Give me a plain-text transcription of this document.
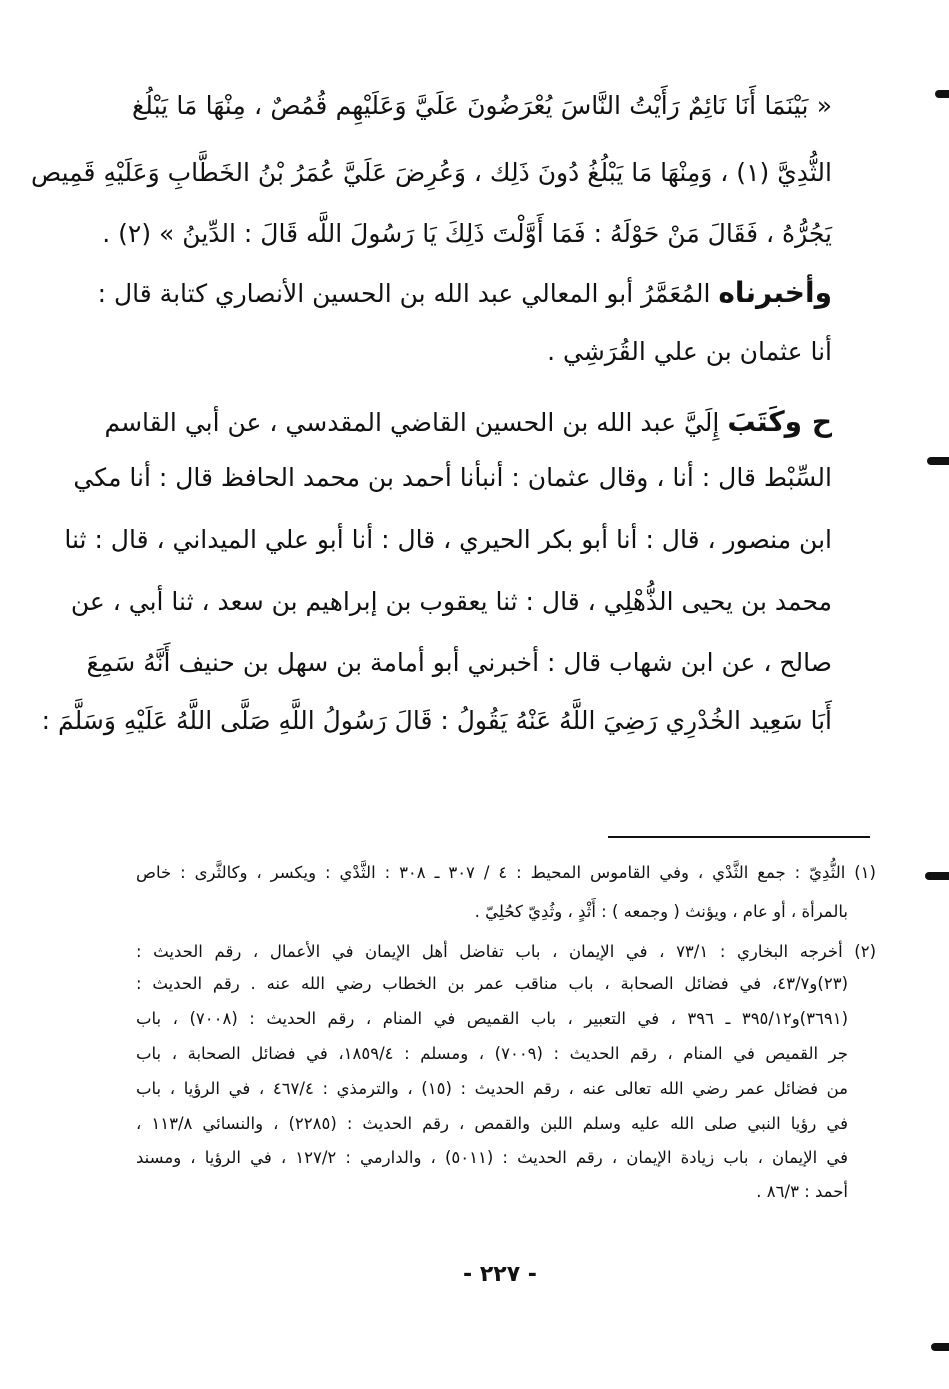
« بَيْنَمَا أَنَا نَائِمٌ رَأَيْتُ النَّاسَ يُعْرَضُونَ عَلَيَّ وَعَلَيْهِم قُمُصٌ ، مِنْهَا مَا يَبْلُغ
الثُّدِيَّ (١) ، وَمِنْهَا مَا يَبْلُغُ دُونَ ذَلِك ، وَعُرِضَ عَلَيَّ عُمَرُ بْنُ الخَطَّابِ وَعَلَيْهِ قَمِيص
يَجُرُّهُ ، فَقَالَ مَنْ حَوْلَهُ : فَمَا أَوَّلْتَ ذَلِكَ يَا رَسُولَ اللَّه قَالَ : الدِّينُ » (٢) .
وأخبرناه المُعَمَّرُ أبو المعالي عبد الله بن الحسين الأنصاري كتابة قال :
أنا عثمان بن علي القُرَشِي .
ح وكَتَبَ إِلَيَّ عبد الله بن الحسين القاضي المقدسي ، عن أبي القاسم
السِّبْط قال : أنا ، وقال عثمان : أنبأنا أحمد بن محمد الحافظ قال : أنا مكي
ابن منصور ، قال : أنا أبو بكر الحيري ، قال : أنا أبو علي الميداني ، قال : ثنا
محمد بن يحيى الذُّهْلِي ، قال : ثنا يعقوب بن إبراهيم بن سعد ، ثنا أبي ، عن
صالح ، عن ابن شهاب قال : أخبرني أبو أمامة بن سهل بن حنيف أَنَّهُ سَمِعَ
أَبَا سَعِيد الخُدْرِي رَضِيَ اللَّهُ عَنْهُ يَقُولُ : قَالَ رَسُولُ اللَّهِ صَلَّى اللَّهُ عَلَيْهِ وَسَلَّمَ :
(١) الثُّدِيّ : جمع الثَّدْي ، وفي القاموس المحيط : ٤ / ٣٠٧ ـ ٣٠٨ : الثَّدْي : ويكسر ، وكالثَّرى : خاص
بالمرأة ، أو عام ، ويؤنث ( وجمعه ) : أَثْدٍ ، وثُدِيّ كحُلِيّ .
(٢) أخرجه البخاري : ٧٣/١ ، في الإيمان ، باب تفاضل أهل الإيمان في الأعمال ، رقم الحديث :
(٢٣)و٤٣/٧، في فضائل الصحابة ، باب مناقب عمر بن الخطاب رضي الله عنه . رقم الحديث :
(٣٦٩١)و٣٩٥/١٢ ـ ٣٩٦ ، في التعبير ، باب القميص في المنام ، رقم الحديث : (٧٠٠٨) ، باب
جر القميص في المنام ، رقم الحديث : (٧٠٠٩) ، ومسلم : ١٨٥٩/٤، في فضائل الصحابة ، باب
من فضائل عمر رضي الله تعالى عنه ، رقم الحديث : (١٥) ، والترمذي : ٤٦٧/٤ ، في الرؤيا ، باب
في رؤيا النبي صلى الله عليه وسلم اللبن والقمص ، رقم الحديث : (٢٢٨٥) ، والنسائي ١١٣/٨ ،
في الإيمان ، باب زيادة الإيمان ، رقم الحديث : (٥٠١١) ، والدارمي : ١٢٧/٢ ، في الرؤيا ، ومسند
أحمد : ٨٦/٣ .
- ٢٢٧ -
